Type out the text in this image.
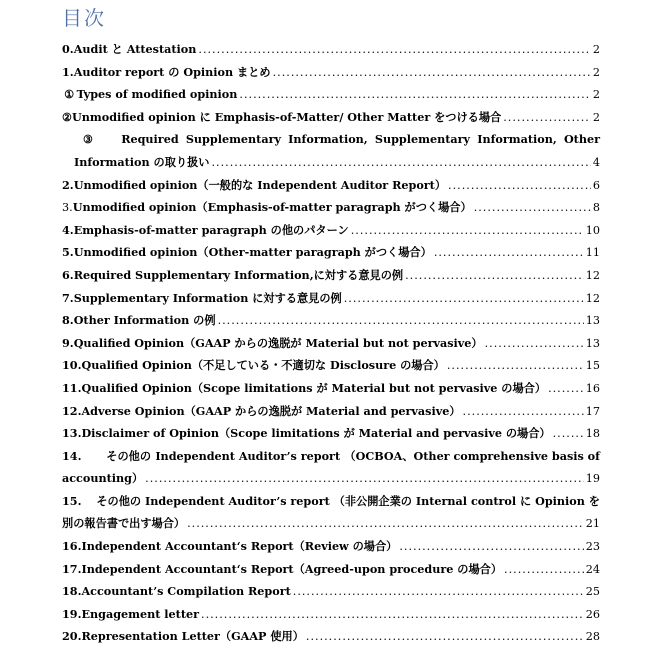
目次
0. Audit と Attestation .....	2
1. Auditor report の Opinion まとめ .....	2
① Types of modified opinion .....	2
② Unmodified opinion に Emphasis-of-Matter/ Other Matter をつける場合 .....	2
③	Required Supplementary Information, Supplementary Information, Other
Information の取り扱い .....	4
2. Unmodified opinion（一般的な Independent Auditor Report） .....	6
3. Unmodified opinion（Emphasis-of-matter paragraph がつく場合） .....	8
4. Emphasis-of-matter paragraph の他のパターン .....	10
5. Unmodified opinion（Other-matter paragraph がつく場合） .....	11
6. Required Supplementary Information,に対する意見の例 .....	12
7. Supplementary Information に対する意見の例 .....	12
8. Other Information の例 .....	13
9. Qualified Opinion（GAAP からの逸脱が Material but not pervasive） .....	13
10. Qualified Opinion（不足している・不適切な Disclosure の場合） .....	15
11. Qualified Opinion（Scope limitations が Material but not pervasive の場合） .....	16
12. Adverse Opinion（GAAP からの逸脱が Material and pervasive） .....	17
13. Disclaimer of Opinion（Scope limitations が Material and pervasive の場合） .....	18
14.	その他の Independent Auditor’s report （OCBOA、Other comprehensive basis of
accounting） .....	19
15.	その他の Independent Auditor’s report （非公開企業の Internal control に Opinion を
別の報告書で出す場合） .....	21
16. Independent Accountant‘s Report（Review の場合） .....	23
17. Independent Accountant‘s Report（Agreed-upon procedure の場合） .....	24
18. Accountant’s Compilation Report .....	25
19. Engagement letter .....	26
20. Representation Letter（GAAP 使用） .....	28
